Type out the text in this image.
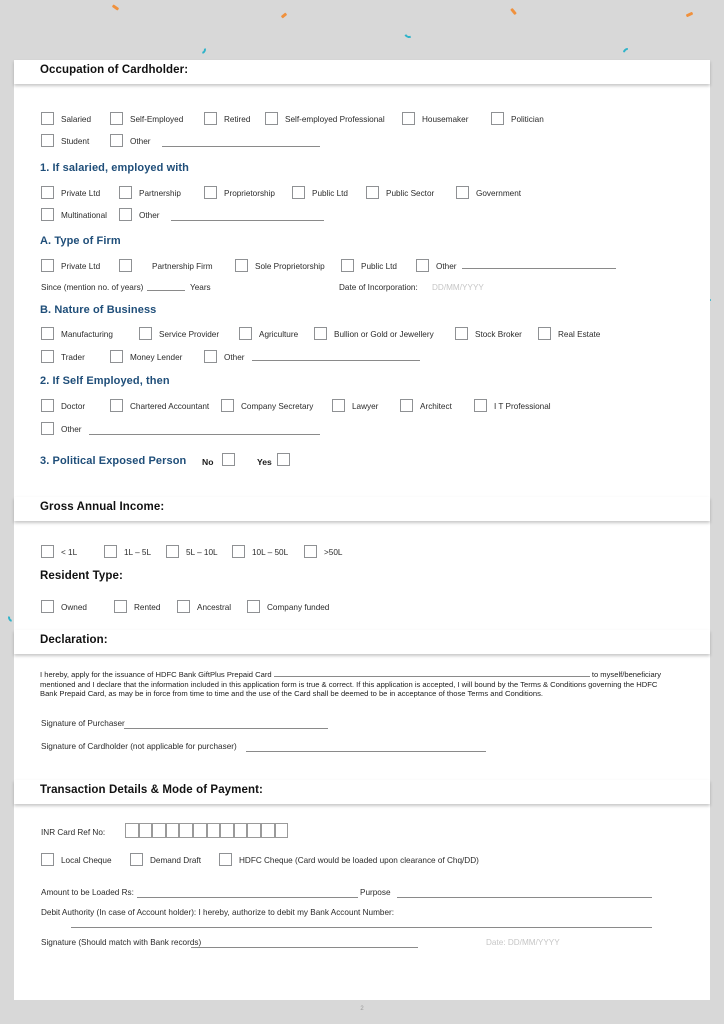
Occupation of Cardholder:
Salaried	Self-Employed	Retired	Self-employed Professional	Housemaker	Politician
Student	Other
1. If salaried, employed with
Private Ltd	Partnership	Proprietorship	Public Ltd	Public Sector	Government
Multinational	Other
A. Type of Firm
Private Ltd	Partnership Firm	Sole Proprietorship	Public Ltd	Other
Since (mention no. of years)	Years	Date of Incorporation: DD/MM/YYYY
B. Nature of Business
Manufacturing	Service Provider	Agriculture	Bullion or Gold or Jewellery	Stock Broker	Real Estate
Trader	Money Lender	Other
2. If Self Employed, then
Doctor	Chartered Accountant	Company Secretary	Lawyer	Architect	I T Professional
Other
3. Political Exposed Person No	Yes
Gross Annual Income:
< 1L	1L – 5L	5L – 10L	10L – 50L	>50L
Resident Type:
Owned	Rented	Ancestral	Company funded
Declaration:
I hereby, apply for the issuance of HDFC Bank GiftPlus Prepaid Card	to myself/beneficiary mentioned and I declare that the information included in this application form is true & correct. If this application is accepted, I will bound by the Terms & Conditions governing the HDFC Bank Prepaid Card, as may be in force from time to time and the use of the Card shall be deemed to be in acceptance of those Terms and Conditions.
Signature of Purchaser
Signature of Cardholder (not applicable for purchaser)
Transaction Details & Mode of Payment:
INR Card Ref No:
Local Cheque	Demand Draft	HDFC Cheque (Card would be loaded upon clearance of Chq/DD)
Amount to be Loaded Rs:	Purpose
Debit Authority (In case of Account holder): I hereby, authorize to debit my Bank Account Number:
Signature (Should match with Bank records)	Date: DD/MM/YYYY
2
